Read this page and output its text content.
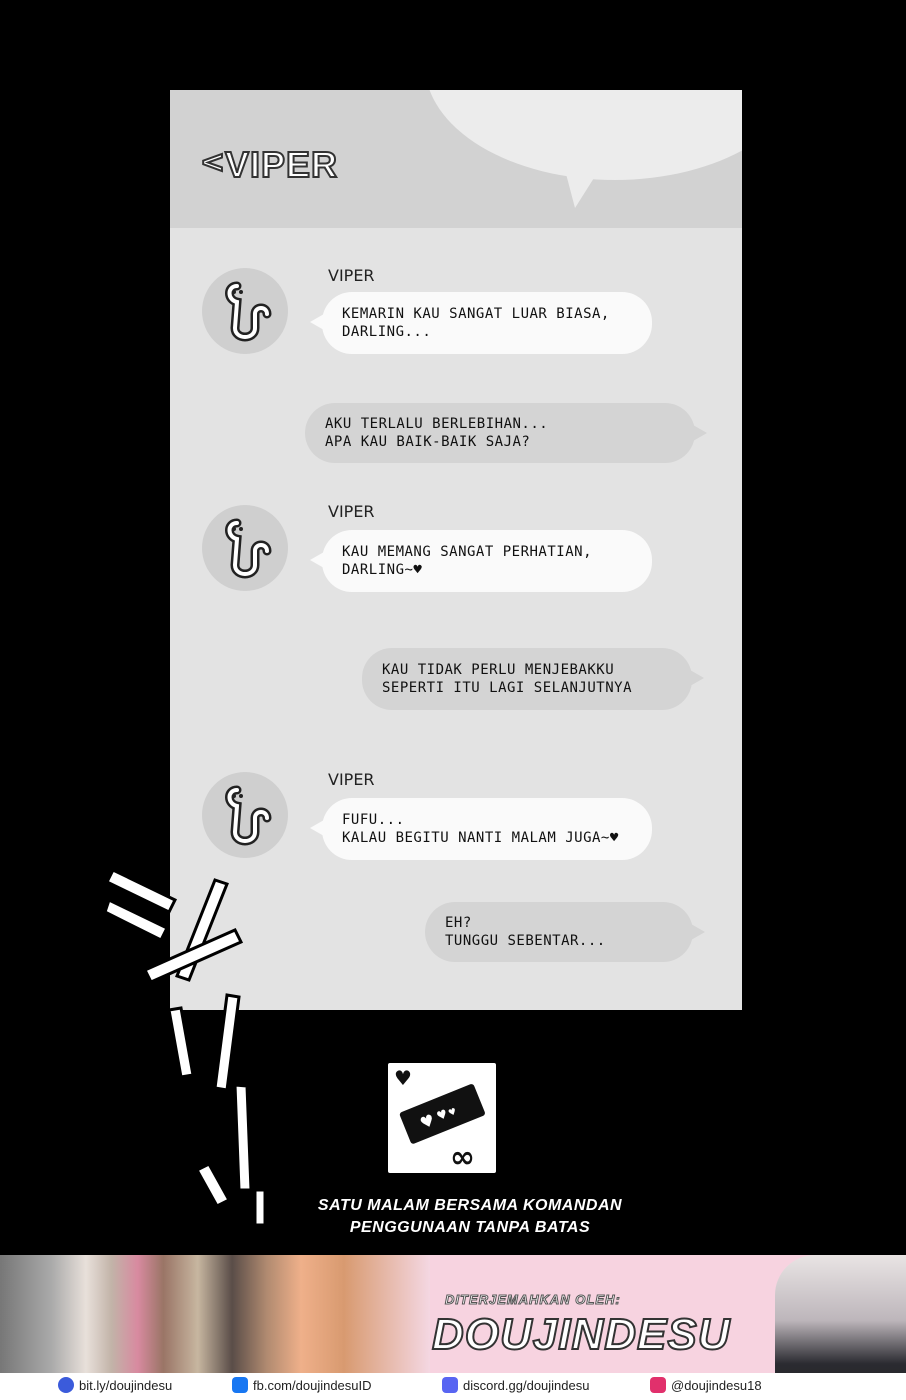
< VIPER
VIPER
KEMARIN KAU SANGAT LUAR BIASA,
DARLING...
AKU TERLALU BERLEBIHAN...
APA KAU BAIK-BAIK SAJA?
VIPER
KAU MEMANG SANGAT PERHATIAN,
DARLING~♥
KAU TIDAK PERLU MENJEBAKKU
SEPERTI ITU LAGI SELANJUTNYA
VIPER
FUFU...
KALAU BEGITU NANTI MALAM JUGA~♥
EH?
TUNGGU SEBENTAR...
♥
♥
♥
♥
∞
SATU MALAM BERSAMA KOMANDAN
PENGGUNAAN TANPA BATAS
DITERJEMAHKAN OLEH:
DOUJINDESU
bit.ly/doujindesu	fb.com/doujindesuID	discord.gg/doujindesu	@doujindesu18
